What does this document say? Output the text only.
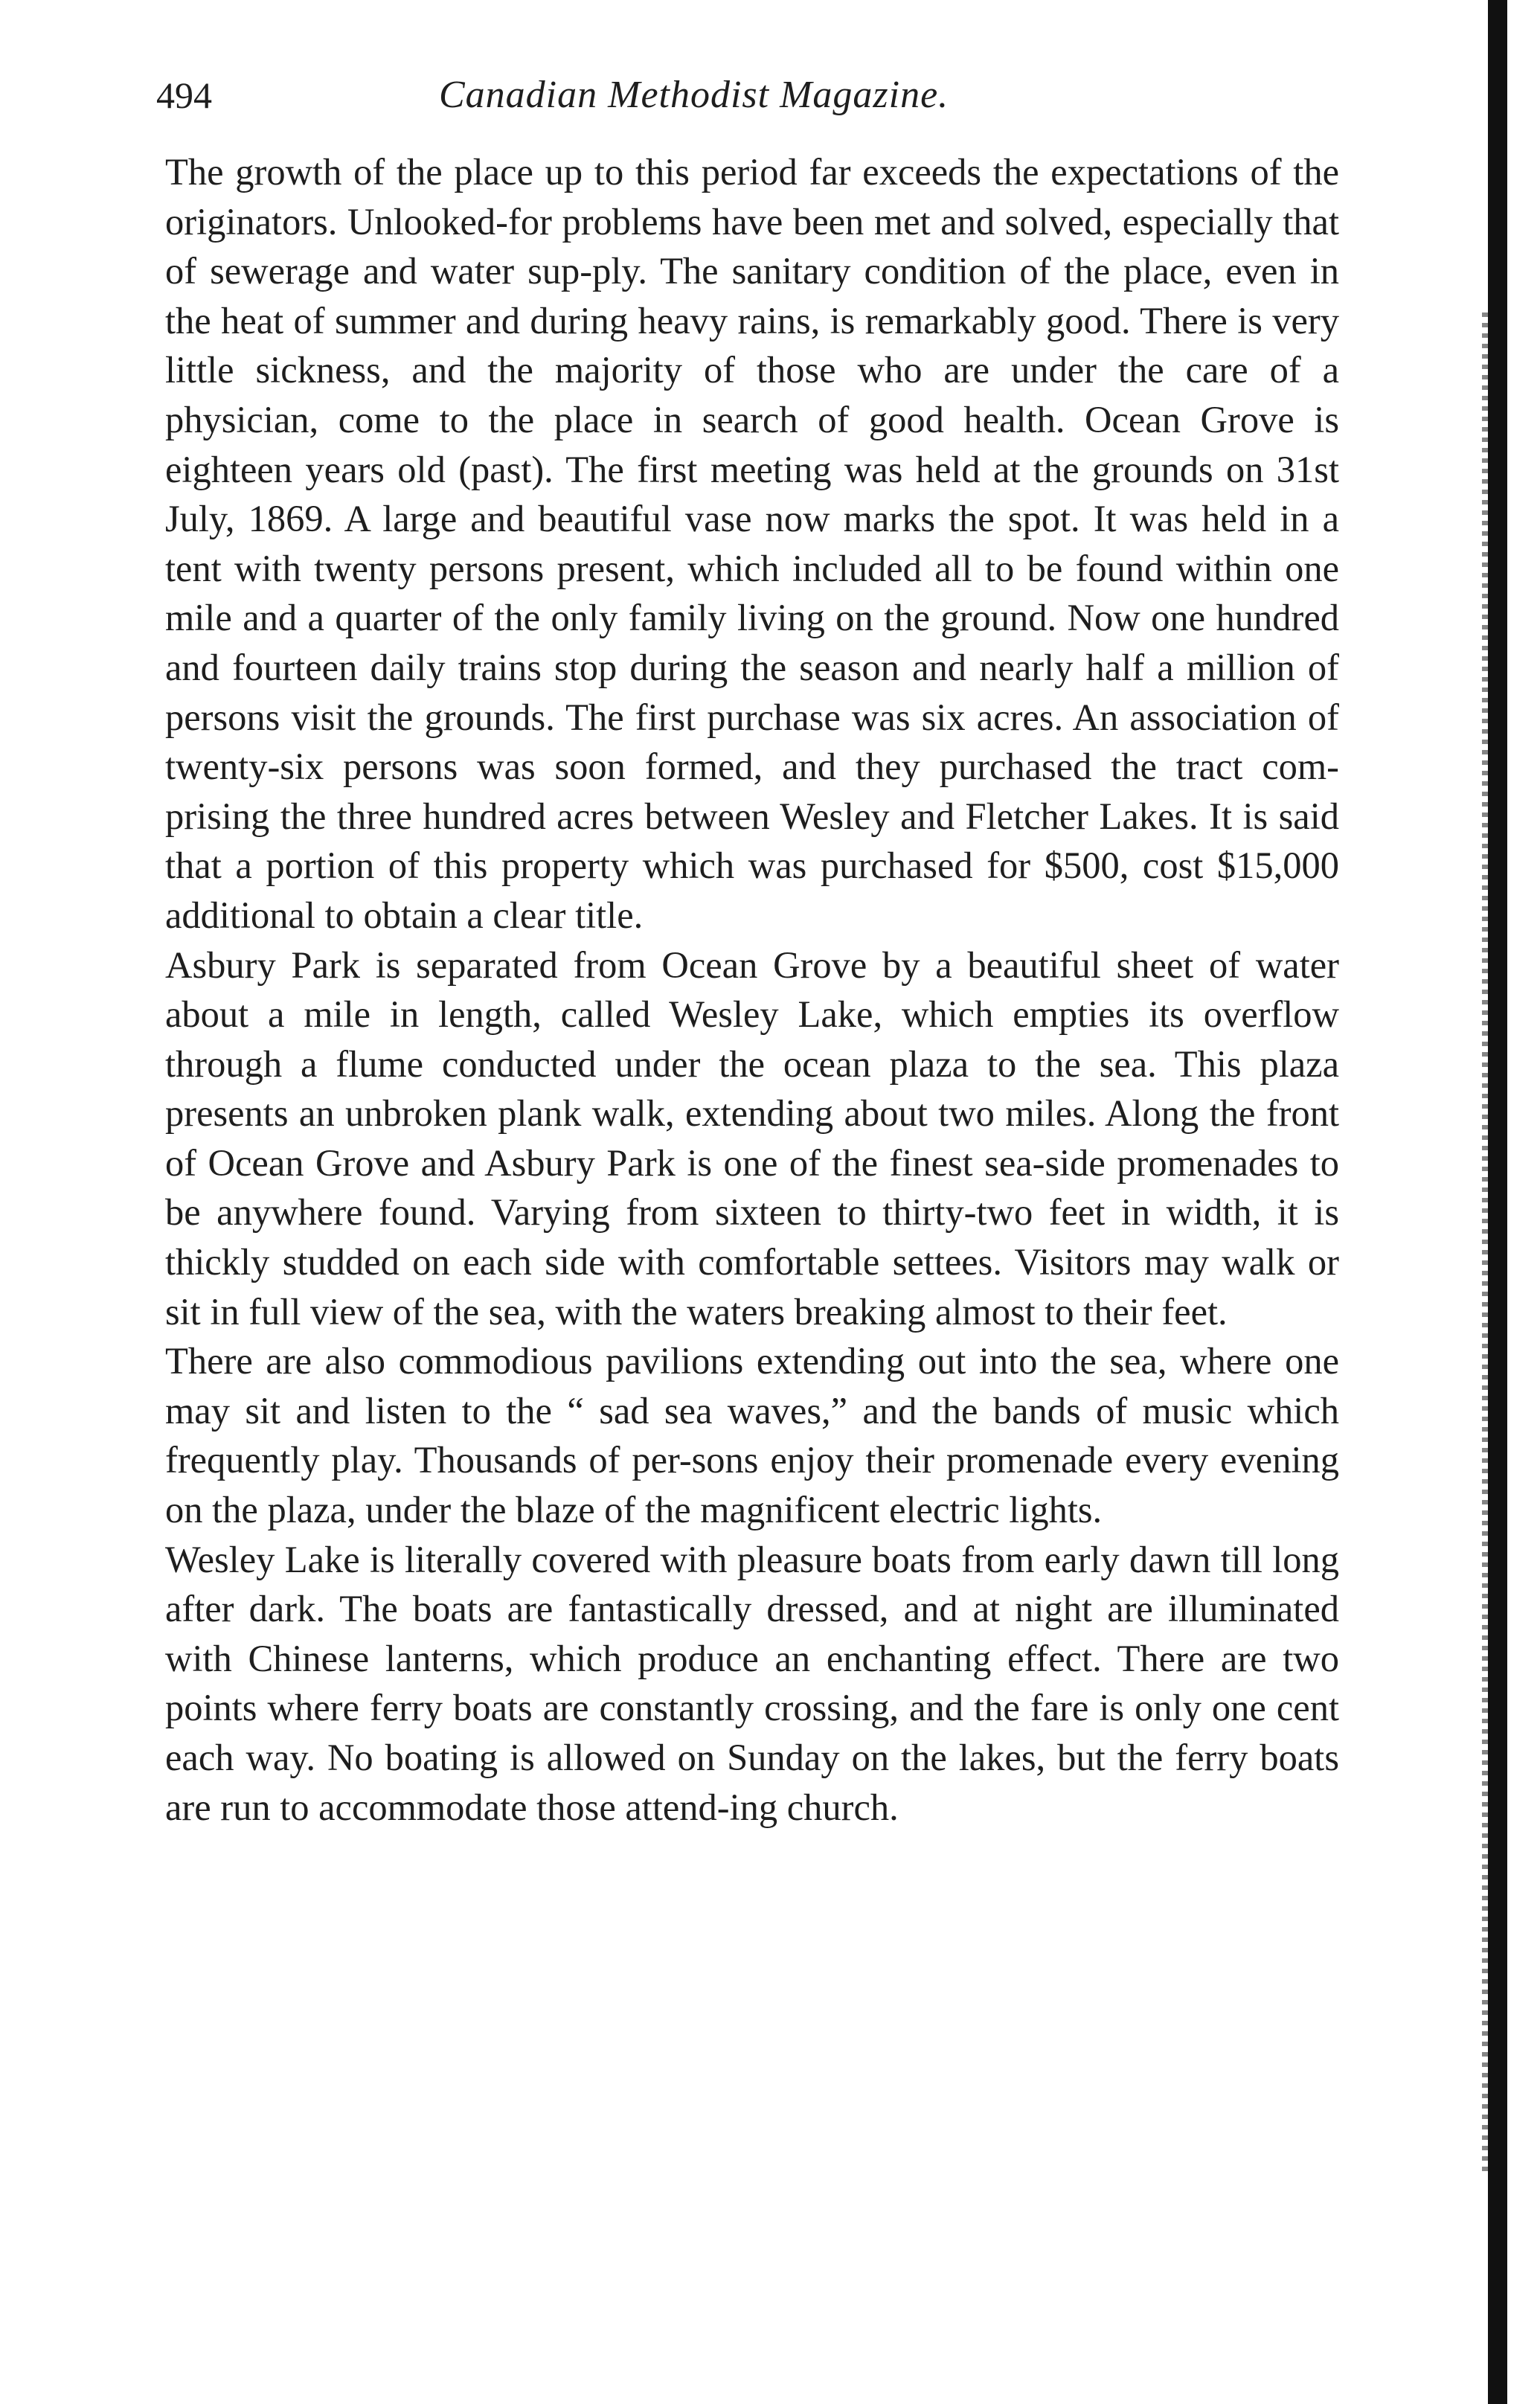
494	Canadian Methodist Magazine.

The growth of the place up to this period far exceeds the expectations of the originators. Unlooked-for problems have been met and solved, especially that of sewerage and water sup-ply. The sanitary condition of the place, even in the heat of summer and during heavy rains, is remarkably good. There is very little sickness, and the majority of those who are under the care of a physician, come to the place in search of good health. Ocean Grove is eighteen years old (past). The first meeting was held at the grounds on 31st July, 1869. A large and beautiful vase now marks the spot. It was held in a tent with twenty persons present, which included all to be found within one mile and a quarter of the only family living on the ground. Now one hundred and fourteen daily trains stop during the season and nearly half a million of persons visit the grounds. The first purchase was six acres. An association of twenty-six persons was soon formed, and they purchased the tract com-prising the three hundred acres between Wesley and Fletcher Lakes. It is said that a portion of this property which was purchased for $500, cost $15,000 additional to obtain a clear title.

Asbury Park is separated from Ocean Grove by a beautiful sheet of water about a mile in length, called Wesley Lake, which empties its overflow through a flume conducted under the ocean plaza to the sea. This plaza presents an unbroken plank walk, extending about two miles. Along the front of Ocean Grove and Asbury Park is one of the finest sea-side promenades to be anywhere found. Varying from sixteen to thirty-two feet in width, it is thickly studded on each side with comfortable settees. Visitors may walk or sit in full view of the sea, with the waters breaking almost to their feet.

There are also commodious pavilions extending out into the sea, where one may sit and listen to the “ sad sea waves,” and the bands of music which frequently play. Thousands of per-sons enjoy their promenade every evening on the plaza, under the blaze of the magnificent electric lights.

Wesley Lake is literally covered with pleasure boats from early dawn till long after dark. The boats are fantastically dressed, and at night are illuminated with Chinese lanterns, which produce an enchanting effect. There are two points where ferry boats are constantly crossing, and the fare is only one cent each way. No boating is allowed on Sunday on the lakes, but the ferry boats are run to accommodate those attend-ing church.
